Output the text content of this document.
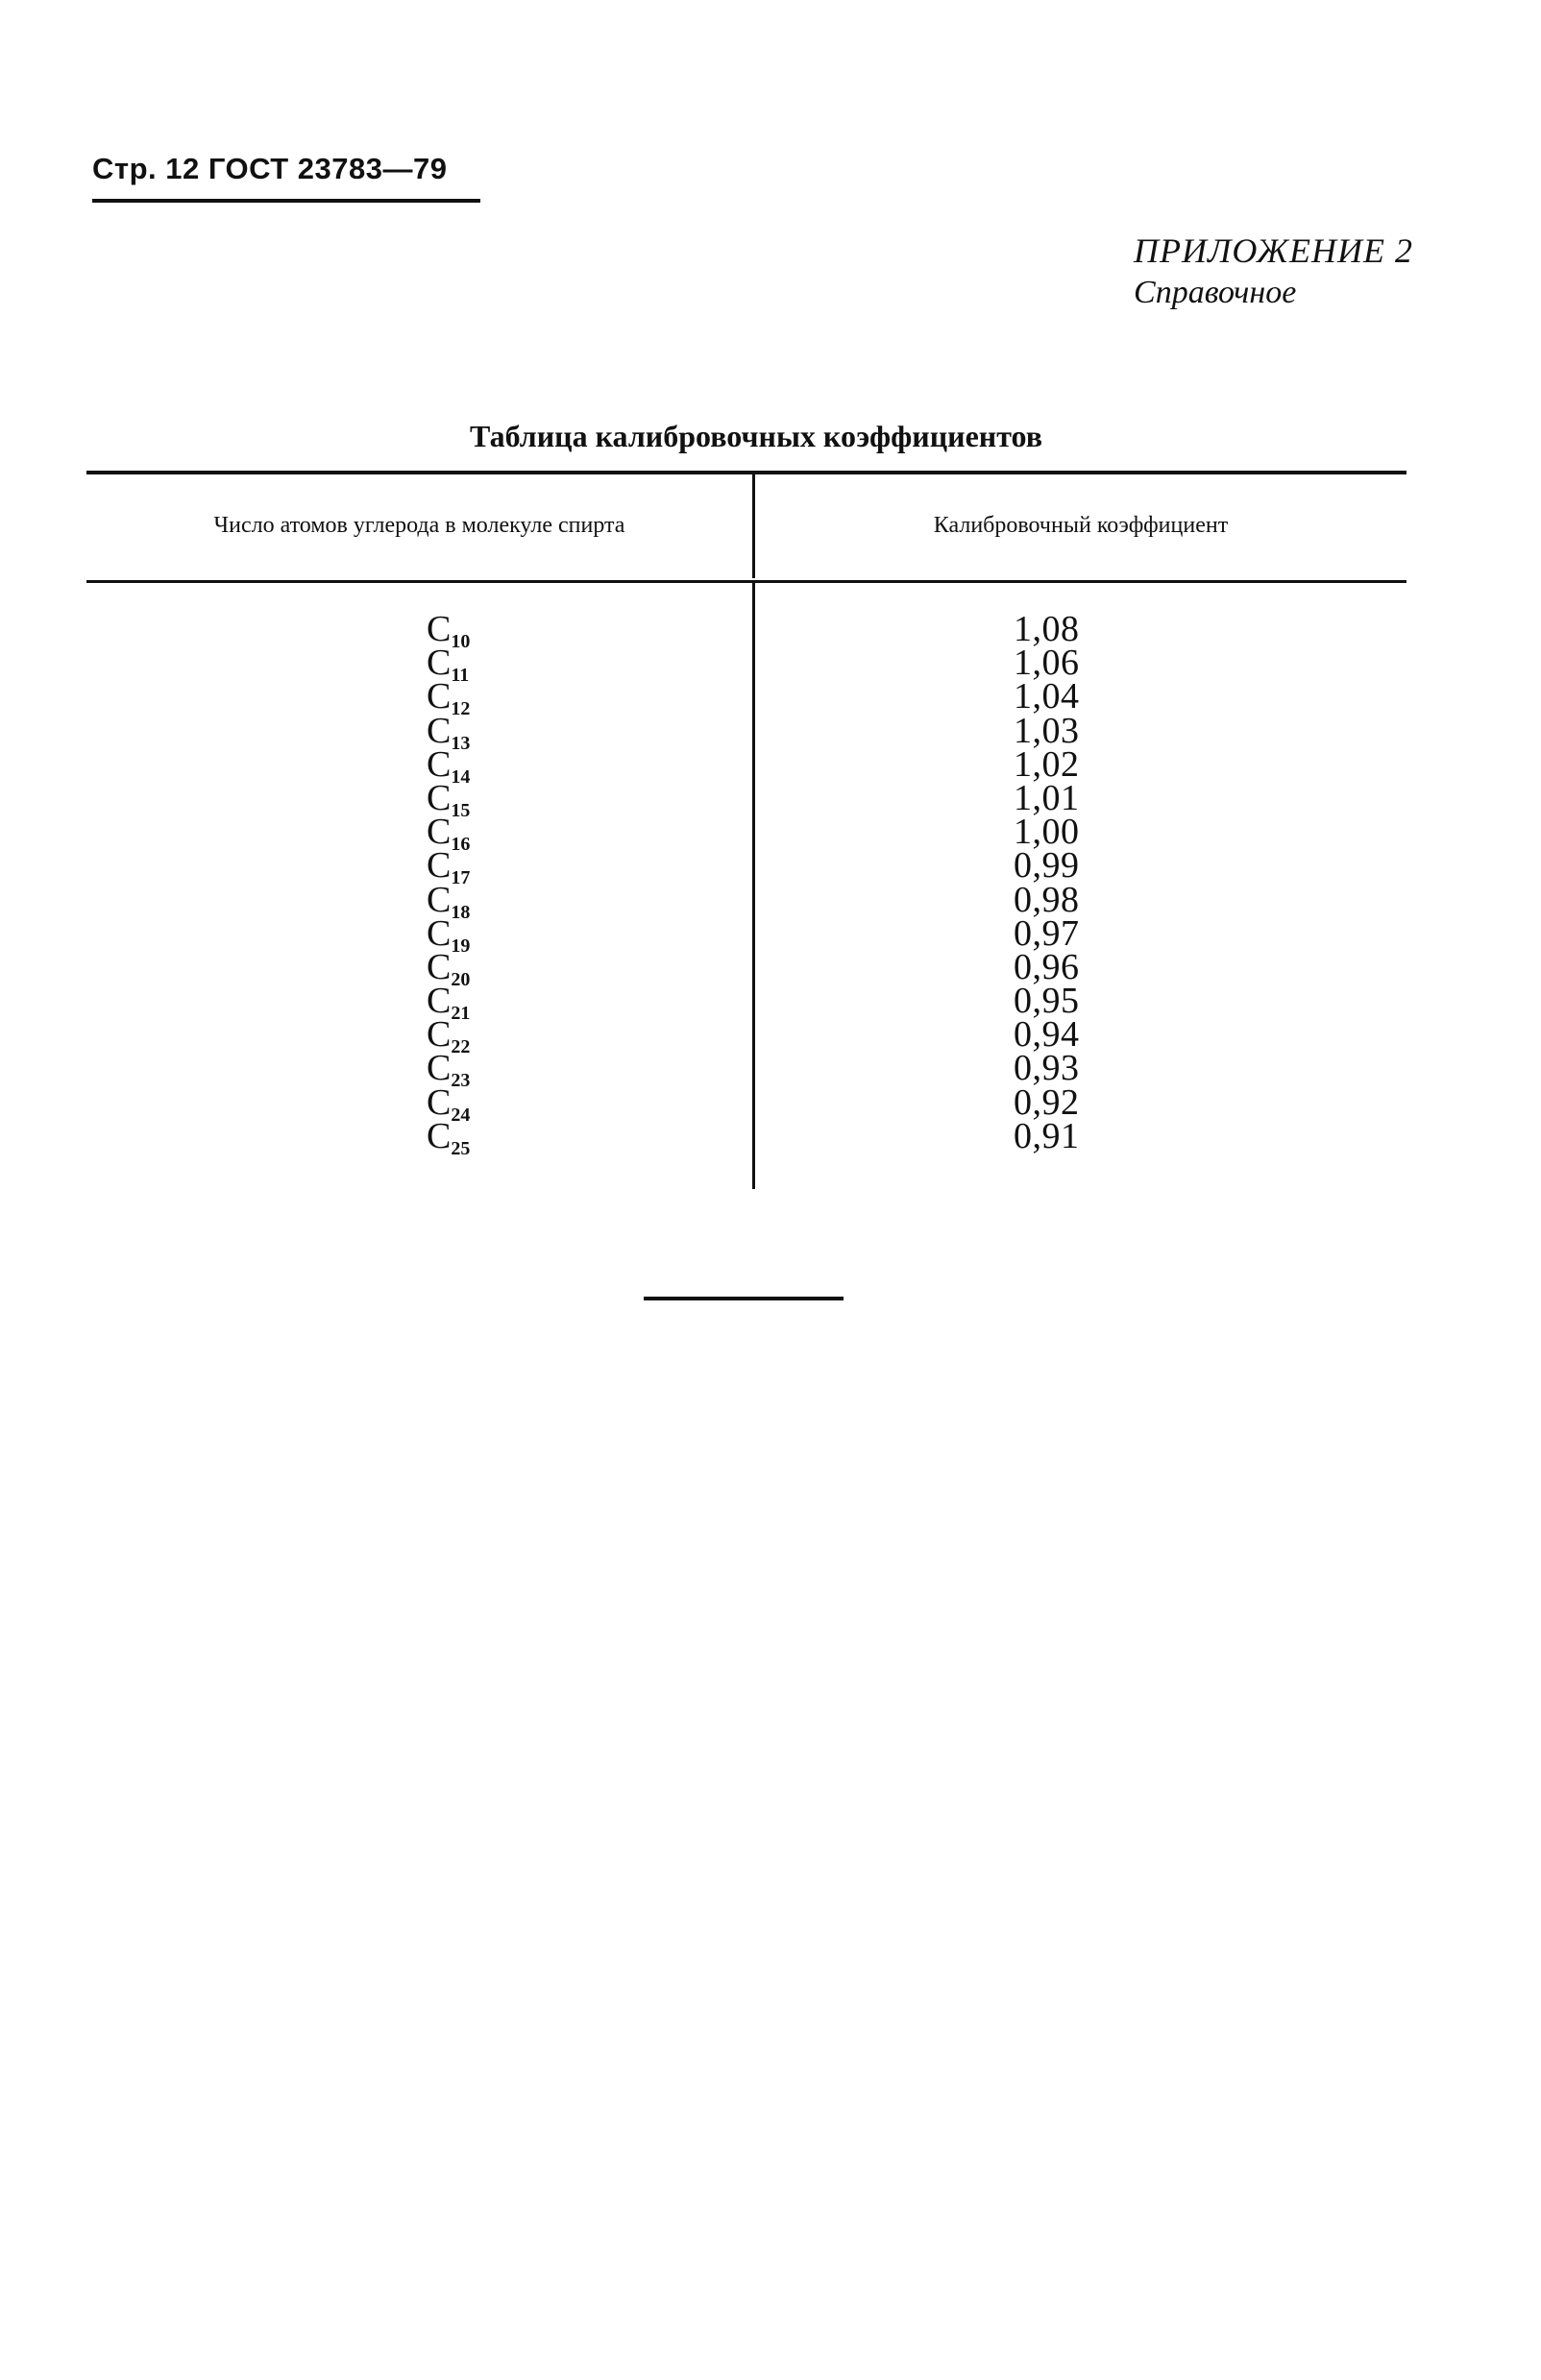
Стр. 12 ГОСТ 23783—79
ПРИЛОЖЕНИЕ 2
Справочное
Таблица калибровочных коэффициентов
Число атомов углерода в молекуле спирта	Калибровочный коэффициент
$C_{10}$
$C_{11}$
$C_{12}$
$C_{13}$
$C_{14}$
$C_{15}$
$C_{16}$
$C_{17}$
$C_{18}$
$C_{19}$
$C_{20}$
$C_{21}$
$C_{22}$
$C_{23}$
$C_{24}$
$C_{25}$
1,08
1,06
1,04
1,03
1,02
1,01
1,00
0,99
0,98
0,97
0,96
0,95
0,94
0,93
0,92
0,91
